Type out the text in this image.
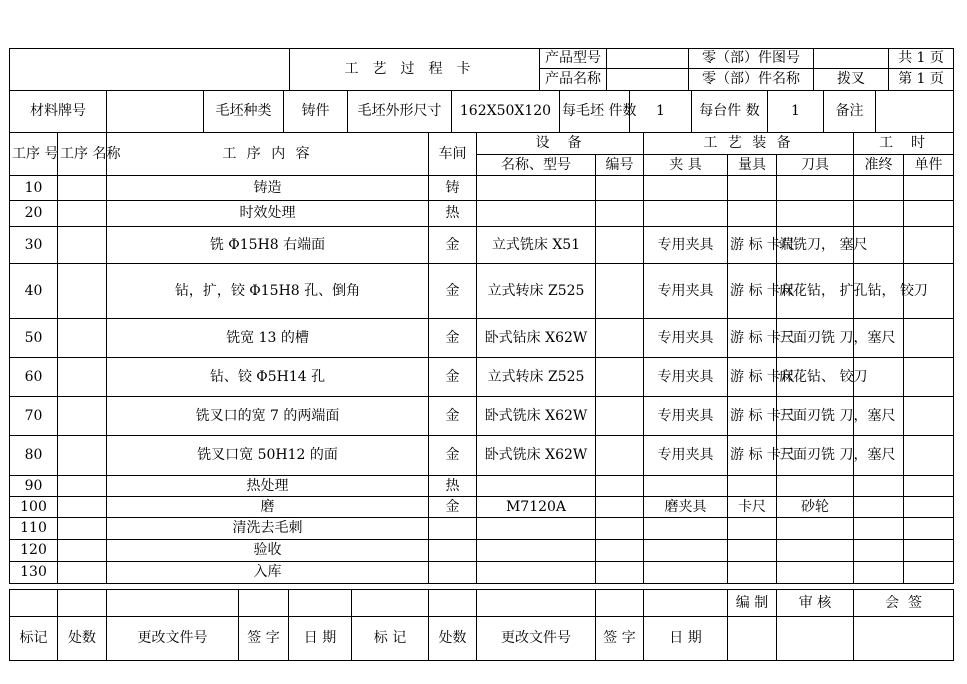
	工艺过程卡	产品型号		零（部）件图号		共 1 页
		产品名称		零（部）件名称	拨叉	第 1 页
材料牌号		毛坯种类	铸件	毛坯外形尺寸	162X50X120	每毛坯 件数	1	每台件 数	1	备注	
工序 号	工序 名称	工 序 内 容	车间	设  备		工 艺 装 备			工  时	
				名称、型号	编号	夹 具	量具	刀具	准终	单件
10		铸造	铸							
20		时效处理	热							
30		铣 Φ15H8 右端面	金	立式铣床 X51		专用夹具	游 标 卡尺	端铣刀， 塞尺		
40		钻，扩，铰 Φ15H8 孔、倒角	金	立式转床 Z525		专用夹具	游 标 卡尺	麻花钻， 扩孔钻， 铰刀		
50		铣宽 13 的槽	金	卧式钻床 X62W		专用夹具	游 标 卡尺	三面刃铣 刀，塞尺		
60		钻、铰 Φ5H14 孔	金	立式转床 Z525		专用夹具	游 标 卡尺	麻花钻、 铰刀		
70		铣叉口的宽 7 的两端面	金	卧式铣床 X62W		专用夹具	游 标 卡尺	三面刃铣 刀，塞尺		
80		铣叉口宽 50H12 的面	金	卧式铣床 X62W		专用夹具	游 标 卡尺	三面刃铣 刀，塞尺		
90		热处理	热							
100		磨	金	M7120A		磨夹具	卡尺	砂轮		
110		清洗去毛刺								
120		验收								
130		入库								
										编 制	审 核	会  签
标记	处数	更改文件号	签 字	日 期	标 记	处数	更改文件号	签 字	日 期			
